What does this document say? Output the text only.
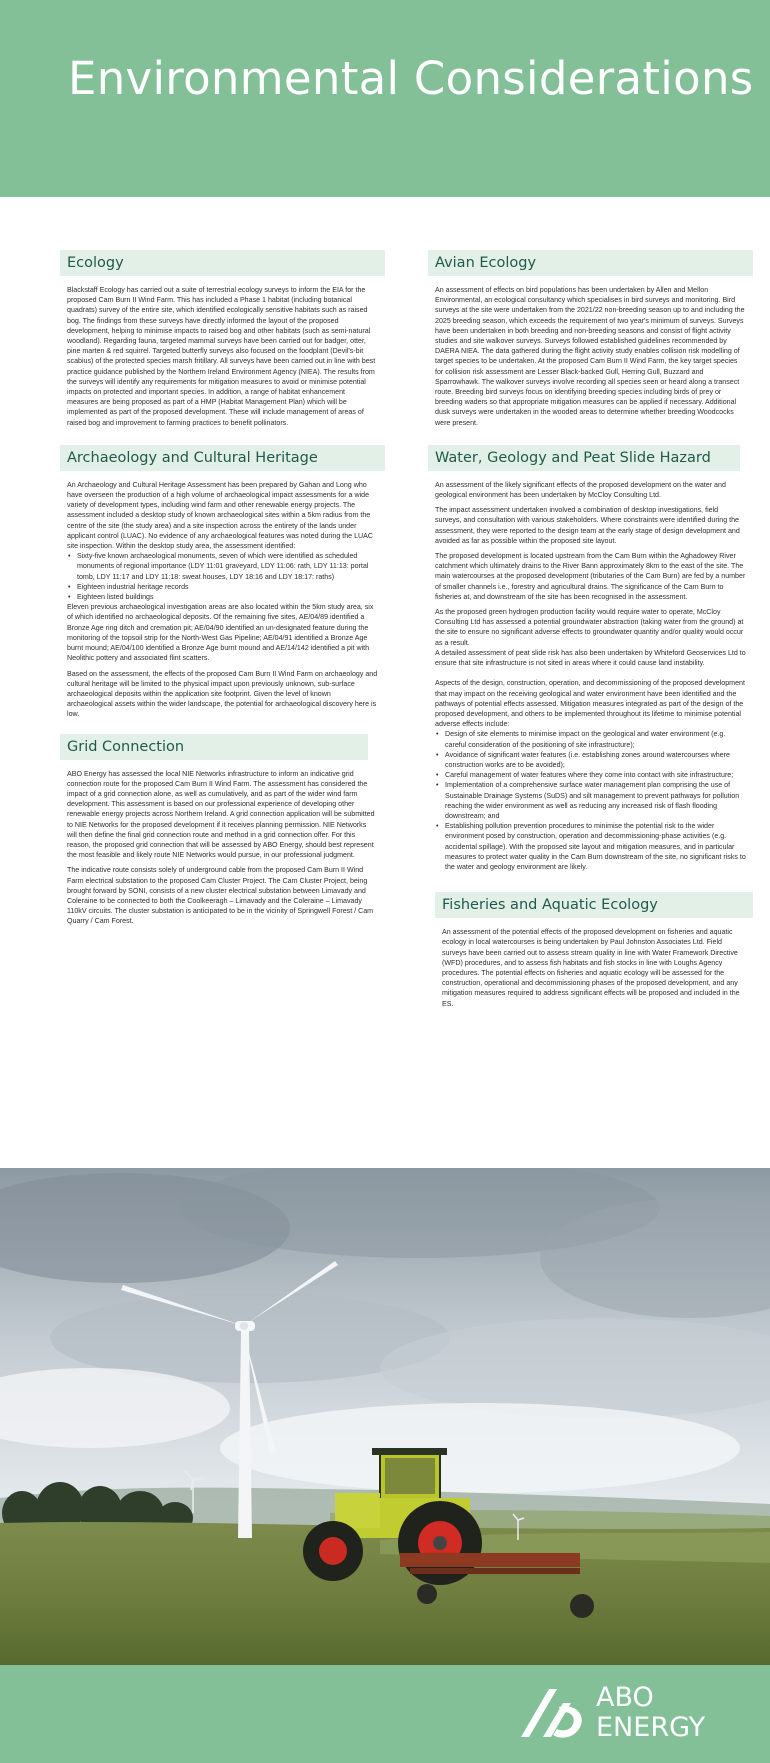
Environmental Considerations
Ecology

Blackstaff Ecology has carried out a suite of terrestrial ecology surveys to inform the EIA for the proposed Cam Burn II Wind Farm. This has included a Phase 1 habitat (including botanical quadrats) survey of the entire site, which identified ecologically sensitive habitats such as raised bog. The findings from these surveys have directly informed the layout of the proposed development, helping to minimise impacts to raised bog and other habitats (such as semi-natural woodland). Regarding fauna, targeted mammal surveys have been carried out for badger, otter, pine marten & red squirrel. Targeted butterfly surveys also focused on the foodplant (Devil's-bit scabius) of the protected species marsh fritillary. All surveys have been carried out in line with best practice guidance published by the Northern Ireland Environment Agency (NIEA). The results from the surveys will identify any requirements for mitigation measures to avoid or minimise potential impacts on protected and important species. In addition, a range of habitat enhancement measures are being proposed as part of a HMP (Habitat Management Plan) which will be implemented as part of the proposed development. These will include management of areas of raised bog and improvement to farming practices to benefit pollinators.

Archaeology and Cultural Heritage

An Archaeology and Cultural Heritage Assessment has been prepared by Gahan and Long who have overseen the production of a high volume of archaeological impact assessments for a wide variety of development types, including wind farm and other renewable energy projects. The assessment included a desktop study of known archaeological sites within a 5km radius from the centre of the site (the study area) and a site inspection across the entirety of the lands under applicant control (LUAC). No evidence of any archaeological features was noted during the LUAC site inspection. Within the desktop study area, the assessment identified:

• Sixty-five known archaeological monuments, seven of which were identified as scheduled monuments of regional importance (LDY 11:01 graveyard, LDY 11:06: rath, LDY 11:13: portal tomb, LDY 11:17 and LDY 11:18: sweat houses, LDY 18:16 and LDY 18:17: raths)
• Eighteen industrial heritage records
• Eighteen listed buildings

Eleven previous archaeological investigation areas are also located within the 5km study area, six of which identified no archaeological deposits. Of the remaining five sites, AE/04/89 identified a Bronze Age ring ditch and cremation pit; AE/04/90 identified an un-designated feature during the monitoring of the topsoil strip for the North-West Gas Pipeline; AE/04/91 identified a Bronze Age burnt mound; AE/04/100 identified a Bronze Age burnt mound and AE/14/142 identified a pit with Neolithic pottery and associated flint scatters.

Based on the assessment, the effects of the proposed Cam Burn II Wind Farm on archaeology and cultural heritage will be limited to the physical impact upon previously unknown, sub-surface archaeological deposits within the application site footprint. Given the level of known archaeological assets within the wider landscape, the potential for archaeological discovery here is low.

Grid Connection

ABO Energy has assessed the local NIE Networks infrastructure to inform an indicative grid connection route for the proposed Cam Burn II Wind Farm. The assessment has considered the impact of a grid connection alone, as well as cumulatively, and as part of the wider wind farm development. This assessment is based on our professional experience of developing other renewable energy projects across Northern Ireland. A grid connection application will be submitted to NIE Networks for the proposed development if it receives planning permission. NIE Networks will then define the final grid connection route and method in a grid connection offer. For this reason, the proposed grid connection that will be assessed by ABO Energy, should best represent the most feasible and likely route NIE Networks would pursue, in our professional judgment.

The indicative route consists solely of underground cable from the proposed Cam Burn II Wind Farm electrical substation to the proposed Cam Cluster Project. The Cam Cluster Project, being brought forward by SONI, consists of a new cluster electrical substation between Limavady and Coleraine to be connected to both the Coolkeeragh – Limavady and the Coleraine – Limavady 110kV circuits. The cluster substation is anticipated to be in the vicinity of Springwell Forest / Cam Quarry / Cam Forest.

Avian Ecology

An assessment of effects on bird populations has been undertaken by Allen and Mellon Environmental, an ecological consultancy which specialises in bird surveys and monitoring. Bird surveys at the site were undertaken from the 2021/22 non-breeding season up to and including the 2025 breeding season, which exceeds the requirement of two year's minimum of surveys. Surveys have been undertaken in both breeding and non-breeding seasons and consist of flight activity studies and site walkover surveys. Surveys followed established guidelines recommended by DAERA NIEA. The data gathered during the flight activity study enables collision risk modelling of target species to be undertaken. At the proposed Cam Burn II Wind Farm, the key target species for collision risk assessment are Lesser Black-backed Gull, Herring Gull, Buzzard and Sparrowhawk. The walkover surveys involve recording all species seen or heard along a transect route. Breeding bird surveys focus on identifying breeding species including birds of prey or breeding waders so that appropriate mitigation measures can be applied if necessary. Additional dusk surveys were undertaken in the wooded areas to determine whether breeding Woodcocks were present.

Water, Geology and Peat Slide Hazard

An assessment of the likely significant effects of the proposed development on the water and geological environment has been undertaken by McCloy Consulting Ltd.

The impact assessment undertaken involved a combination of desktop investigations, field surveys, and consultation with various stakeholders. Where constraints were identified during the assessment, they were reported to the design team at the early stage of design development and avoided as far as possible within the proposed site layout.

The proposed development is located upstream from the Cam Burn within the Aghadowey River catchment which ultimately drains to the River Bann approximately 8km to the east of the site. The main watercourses at the proposed development (tributaries of the Cam Burn) are fed by a number of smaller channels i.e., forestry and agricultural drains. The significance of the Cam Burn to fisheries at, and downstream of the site has been recognised in the assessment.

As the proposed green hydrogen production facility would require water to operate, McCloy Consulting Ltd has assessed a potential groundwater abstraction (taking water from the ground) at the site to ensure no significant adverse effects to groundwater quantity and/or quality would occur as a result.

A detailed assessment of peat slide risk has also been undertaken by Whiteford Geoservices Ltd to ensure that site infrastructure is not sited in areas where it could cause land instability.

Aspects of the design, construction, operation, and decommissioning of the proposed development that may impact on the receiving geological and water environment have been identified and the pathways of potential effects assessed. Mitigation measures integrated as part of the design of the proposed development, and others to be implemented throughout its lifetime to minimise potential adverse effects include:

• Design of site elements to minimise impact on the geological and water environment (e.g. careful consideration of the positioning of site infrastructure);
• Avoidance of significant water features (i.e. establishing zones around watercourses where construction works are to be avoided);
• Careful management of water features where they come into contact with site infrastructure;
• Implementation of a comprehensive surface water management plan comprising the use of Sustainable Drainage Systems (SuDS) and silt management to prevent pathways for pollution reaching the wider environment as well as reducing any increased risk of flash flooding downstream; and
• Establishing pollution prevention procedures to minimise the potential risk to the wider environment posed by construction, operation and decommissioning-phase activities (e.g. accidental spillage). With the proposed site layout and mitigation measures, and in particular measures to protect water quality in the Cam Burn downstream of the site, no significant risks to the water and geology environment are likely.
Fisheries and Aquatic Ecology

An assessment of the potential effects of the proposed development on fisheries and aquatic ecology in local watercourses is being undertaken by Paul Johnston Associates Ltd. Field surveys have been carried out to assess stream quality in line with Water Framework Directive (WFD) procedures, and to assess fish habitats and fish stocks in line with Loughs Agency procedures. The potential effects on fisheries and aquatic ecology will be assessed for the construction, operational and decommissioning phases of the proposed development, and any mitigation measures required to address significant effects will be proposed and included in the ES.

ABO
ENERGY
